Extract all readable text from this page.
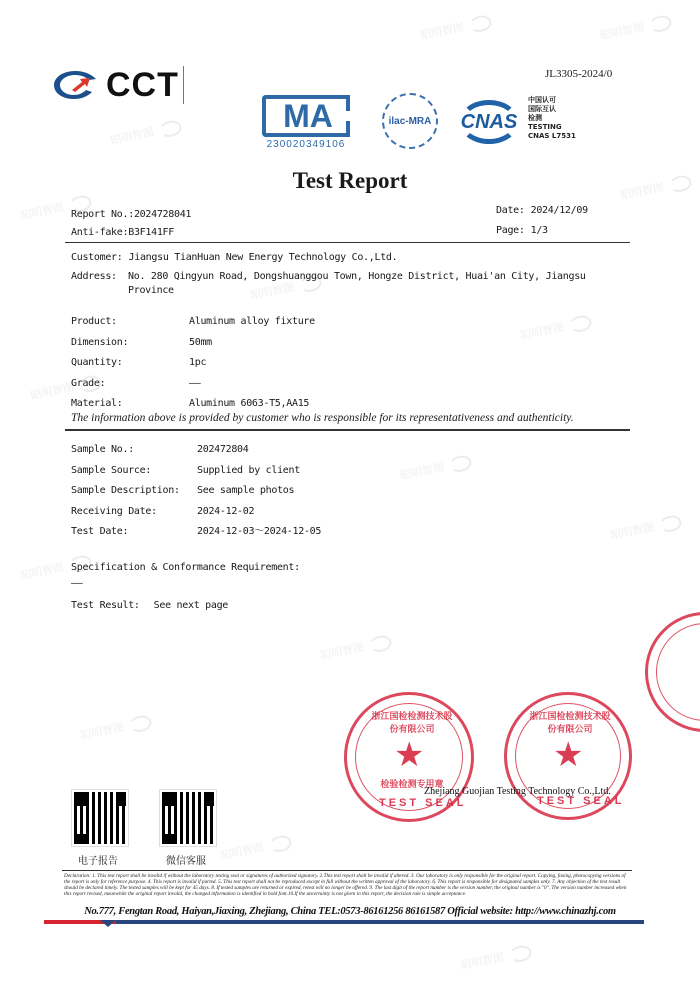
昭明智图	昭明智图
昭明智图
昭明智图
昭明智图
昭明智图
昭明智图
昭明智图
昭明智图
昭明智图
昭明智图
昭明智图
昭明智图
昭明智图
昭明智图
CCT	JL3305-2024/0
MA
230020349106
ilac-MRA CNAS
中国认可
国际互认
检测
TESTING
CNAS L7531
Test Report
Report No.: 2024728041
Anti-fake: B3F141FF
Date: 2024/12/09
Page: 1/3
Customer: Jiangsu TianHuan New Energy Technology Co.,Ltd.
Address:	No. 280 Qingyun Road, Dongshuanggou Town, Hongze District, Huai'an City, Jiangsu
Province
Product:	Aluminum alloy fixture
Dimension:	50mm
Quantity:	1pc
Grade:	——
Material:	Aluminum 6063-T5,AA15
The information above is provided by customer who is responsible for its representativeness and authenticity.
Sample No.:	202472804
Sample Source:	Supplied by client
Sample Description:	See sample photos
Receiving Date:	2024-12-02
Test Date:	2024-12-03～2024-12-05
Specification & Conformance Requirement:
——
Test Result: See next page
★
浙江国检检测技术股份有限公司
检验检测专用章
TEST SEAL
★
浙江国检检测技术股份有限公司
TEST SEAL
Zhejiang Guojian Testing Technology Co.,Ltd.
电子报告	微信客服
Declaration: 1. This test report shall be invalid if without the laboratory testing seal or signatures of authorized signatory. 2.This test report shall be invalid if altered. 3. Our laboratory is only responsible for the original report. Copying, faxing, photocopying versions of the report is only for reference purpose. 4. This report is invalid if parted. 5. This test report shall not be reproduced except in full without the written approval of the laboratory. 6. This report is responsible for designated samples only. 7. Any objection of the test result should be declared timely. The tested samples will be kept for 45 days. 8. If tested samples are returned or expired, retest will no longer be offered. 9. The last digit of the report number is the version number, the original number is "0". The version number increased when this report revised, meanwhile the original report invalid, the changed information is identified in bold font.10.If the uncertainty is not given in this report, the decision rule is simple acceptance.
No.777, Fengtan Road, Haiyan,Jiaxing, Zhejiang, China TEL:0573-86161256 86161587 Official website: http://www.chinazhj.com
